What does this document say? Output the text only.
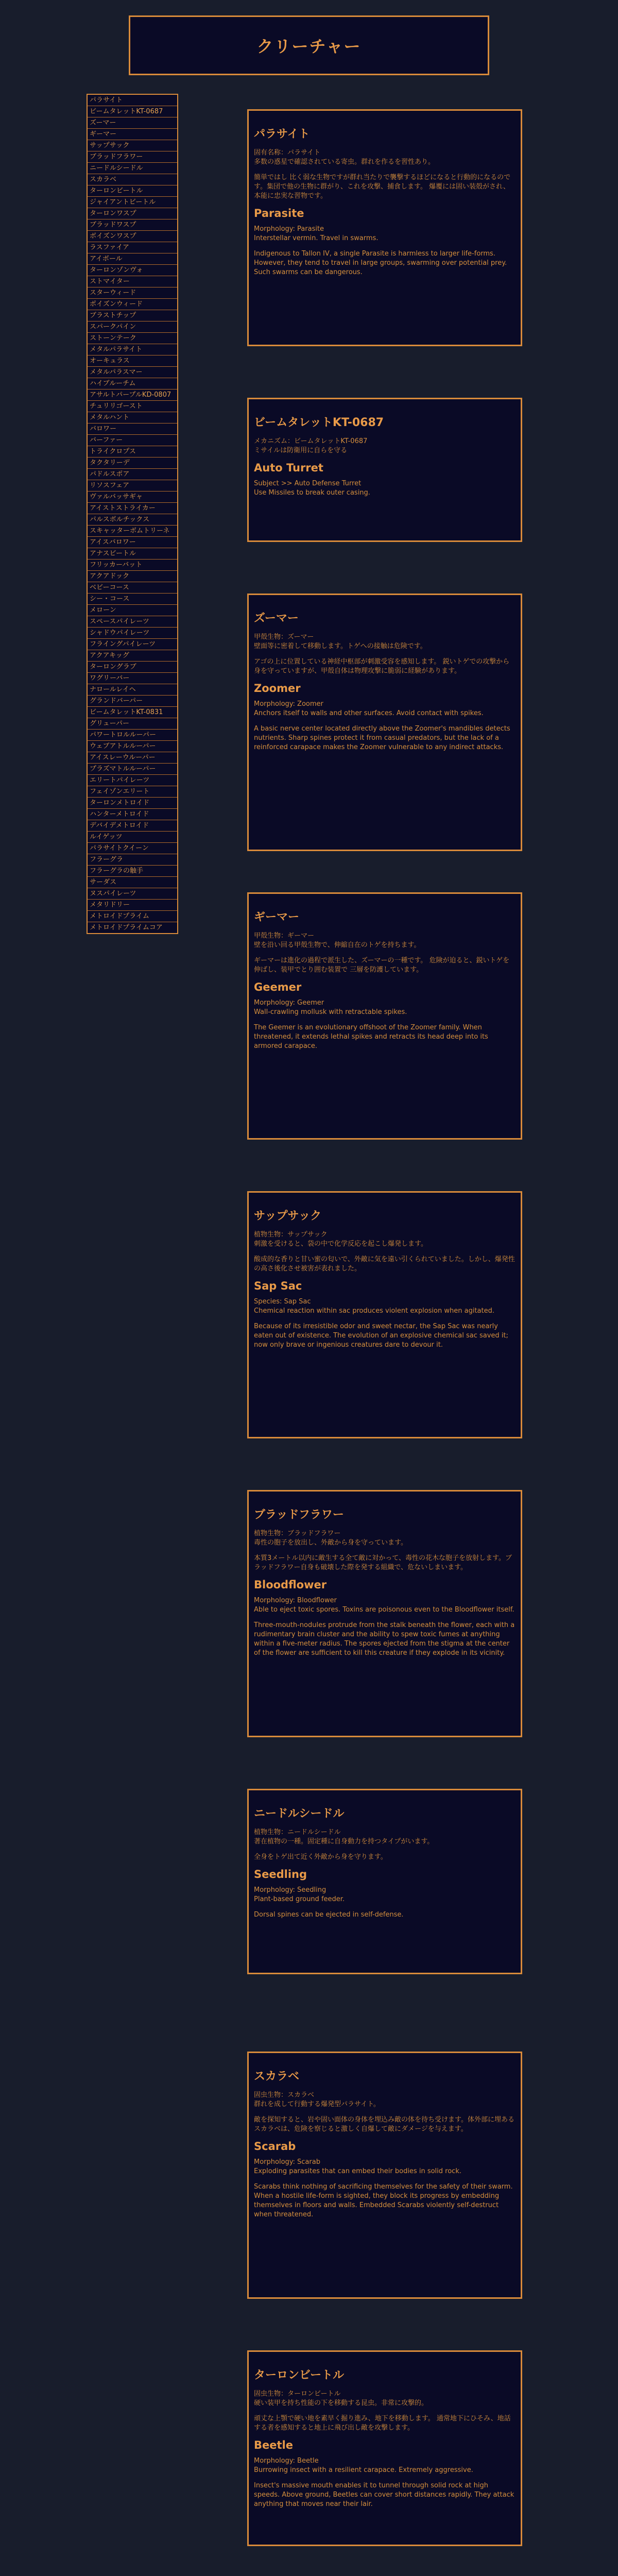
クリーチャー
パラサイト
ビームタレットKT-0687
ズーマー
ギーマー
サップサック
ブラッドフラワー
ニードルシードル
スカラベ
ターロンビートル
ジャイアントビートル
ターロンワスプ
ブラッドワスプ
ボイズンワスプ
ラスファイア
アイボール
ターロンゾンヴォ
ストマイター
スターウィード
ポイズンウィード
ブラストチップ
スパークパイン
ストーンテーク
メタルパラサイト
オーキュラス
メタルパラスマー
ハイブルーチム
アサルトパープルKD-0807
チュリリゴースト
メタルハント
バロワー
バーファー
トライクロプス
タクタリーデ
パドルスポア
リソスフェア
ヴァルバッサギャ
アイストストライカー
パルスボルチックス
スキャッターボムトリーネ
アイスバロワー
アナスビートル
フリッカーバット
アクアドック
ベビーコース
シー・コース
メローン
スペースパイレーツ
シャドウパイレーツ
フライングパイレーツ
アクアキッグ
ターロングラブ
ワグリーバー
ナロールレイヘ
グランドバーパー
ビームタレットKT-0831
グリューパー
パワートロルルーパー
ウェブアトルルーパー
アイスレーウルーパー
プラズマトルルーパー
エリートパイレーツ
フェイゾンエリート
ターロンメトロイド
ハンターメトロイド
デバイデメトロイド
ルイゲッツ
パラサイトクイーン
フラーグラ
フラーグラの触手
サーダス
ヌスパイレーツ
メタリドリー
メトロイドプライム
メトロイドプライムコア
パラサイト

固有名称：パラサイト
多数の惑星で確認されている寄虫。群れを作るを習性あり。

簡単ではし 比く弱な生物ですが群れ当たりで襲撃するほどになると行動的になるのです。集団で他の生物に群がり、これを攻撃、捕食します。 爆覆には固い装殻がされ、本能に忠実な習物です。

Parasite

Morphology: Parasite
Interstellar vermin. Travel in swarms.

Indigenous to Tallon IV, a single Parasite is harmless to larger life-forms. However, they tend to travel in large groups, swarming over potential prey. Such swarms can be dangerous.

ビームタレットKT-0687

メカニズム：ビームタレットKT-0687
ミサイルは防衛用に自らを守る

Auto Turret

Subject >> Auto Defense Turret
Use Missiles to break outer casing.

ズーマー

甲殻生物：ズーマー
壁面等に密着して移動します。トゲへの接触は危険です。

アゴの上に位置している神経中枢部が刺激受容を感知します。 鋭いトゲでの攻撃から身を守っていますが、甲殻自体は物理攻撃に脆弱に経験があります。

Zoomer

Morphology: Zoomer
Anchors itself to walls and other surfaces. Avoid contact with spikes.

A basic nerve center located directly above the Zoomer's mandibles detects nutrients. Sharp spines protect it from casual predators, but the lack of a reinforced carapace makes the Zoomer vulnerable to any indirect attacks.

ギーマー

甲殻生物：ギーマー
壁を沿い回る甲殻生物で、伸縮自在のトゲを持ちます。

ギーマーは進化の過程で派生した、ズーマーの一種です。 危険が迫ると、鋭いトゲを伸ばし、装甲でとり囲む装置で 三層を防護しています。

Geemer

Morphology: Geemer
Wall-crawling mollusk with retractable spikes.

The Geemer is an evolutionary offshoot of the Zoomer family. When threatened, it extends lethal spikes and retracts its head deep into its armored carapace.

サップサック

植物生物：サップサック
刺激を受けると、袋の中で化学反応を起こし爆発します。

酸成的な香りと甘い蜜の匂いで、外敵に気を遠い引くられていました。しかし、爆発性の高さ後化させ被害が表れました。

Sap Sac

Species: Sap Sac
Chemical reaction within sac produces violent explosion when agitated.

Because of its irresistible odor and sweet nectar, the Sap Sac was nearly eaten out of existence. The evolution of an explosive chemical sac saved it; now only brave or ingenious creatures dare to devour it.

ブラッドフラワー

植物生物：ブラッドフラワー
毒性の胞子を放出し、外敵から身を守っています。

本質3メートル以内に敵生する全て敵に対かって、毒性の花木な胞子を放射します。ブラッドフラワー自身も破壊した際を発する組織で、危ないしまいます。

Bloodflower

Morphology: Bloodflower
Able to eject toxic spores. Toxins are poisonous even to the Bloodflower itself.

Three-mouth-nodules protrude from the stalk beneath the flower, each with a rudimentary brain cluster and the ability to spew toxic fumes at anything within a five-meter radius. The spores ejected from the stigma at the center of the flower are sufficient to kill this creature if they explode in its vicinity.

ニードルシードル

植物生物：ニードルシードル
著在植物の一種。固定種に自身動力を持つタイプがいます。

全身をトゲ出て近く外敵から身を守ります。

Seedling

Morphology: Seedling
Plant-based ground feeder.

Dorsal spines can be ejected in self-defense.

スカラベ

固虫生物：スカラベ
群れを成して行動する爆発型パラサイト。

敵を探知すると、岩や固い面体の身体を埋込み敵の体を待ち受けます。体外部に埋あるスカラベは、危険を察じると激しく自爆して敵にダメージを与えます。

Scarab

Morphology: Scarab
Exploding parasites that can embed their bodies in solid rock.

Scarabs think nothing of sacrificing themselves for the safety of their swarm. When a hostile life-form is sighted, they block its progress by embedding themselves in floors and walls. Embedded Scarabs violently self-destruct when threatened.

ターロンビートル

固虫生物：ターロンビートル
硬い装甲を持ち性能の下を移動する昆虫。非常に攻撃的。

頑丈な上顎で硬い地を素早く掘り進み、地下を移動します。 通常地下にひそみ、地話する者を感知すると地上に飛び出し敵を攻撃します。

Beetle

Morphology: Beetle
Burrowing insect with a resilient carapace. Extremely aggressive.

Insect's massive mouth enables it to tunnel through solid rock at high speeds. Above ground, Beetles can cover short distances rapidly. They attack anything that moves near their lair.
